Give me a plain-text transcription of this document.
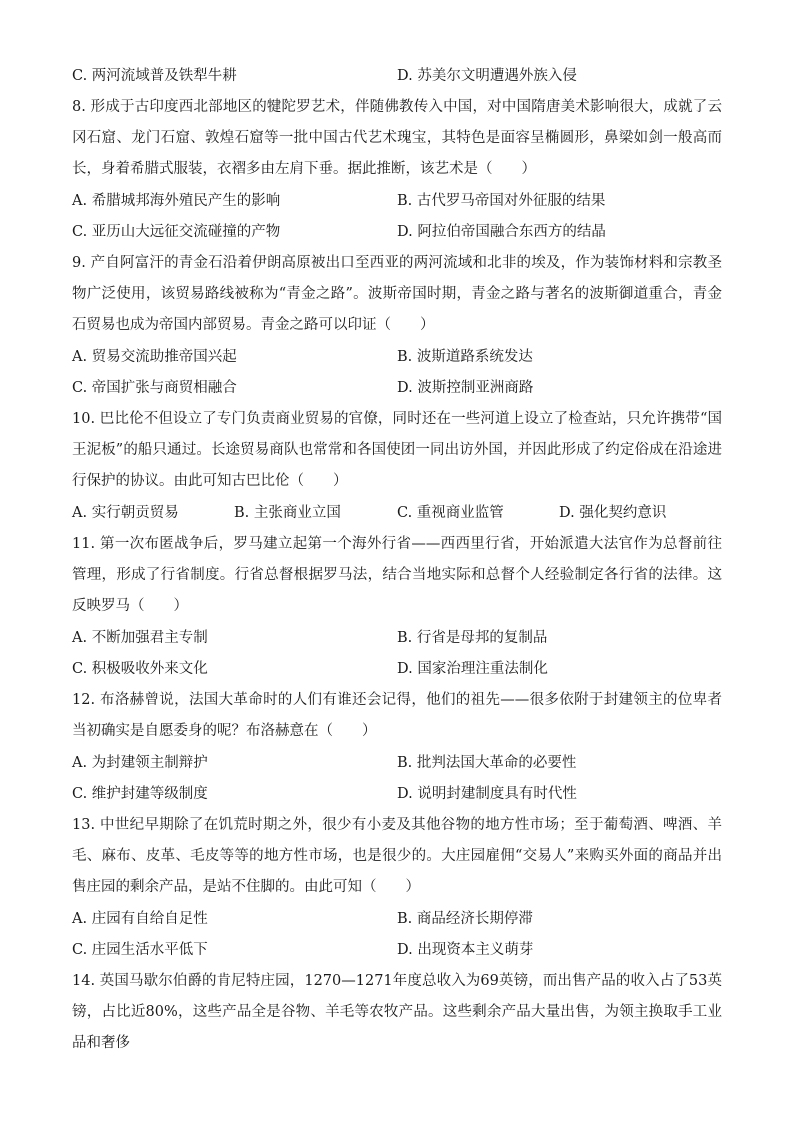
C. 两河流域普及铁犁牛耕	D. 苏美尔文明遭遇外族入侵

8. 形成于古印度西北部地区的犍陀罗艺术，伴随佛教传入中国，对中国隋唐美术影响很大，成就了云冈石窟、龙门石窟、敦煌石窟等一批中国古代艺术瑰宝，其特色是面容呈椭圆形，鼻梁如剑一般高而长，身着希腊式服装，衣褶多由左肩下垂。据此推断，该艺术是（　　）

A. 希腊城邦海外殖民产生的影响	B. 古代罗马帝国对外征服的结果
C. 亚历山大远征交流碰撞的产物	D. 阿拉伯帝国融合东西方的结晶

9. 产自阿富汗的青金石沿着伊朗高原被出口至西亚的两河流域和北非的埃及，作为装饰材料和宗教圣物广泛使用，该贸易路线被称为“青金之路”。波斯帝国时期，青金之路与著名的波斯御道重合，青金石贸易也成为帝国内部贸易。青金之路可以印证（　　）

A. 贸易交流助推帝国兴起	B. 波斯道路系统发达
C. 帝国扩张与商贸相融合	D. 波斯控制亚洲商路

10. 巴比伦不但设立了专门负责商业贸易的官僚，同时还在一些河道上设立了检查站，只允许携带“国王泥板”的船只通过。长途贸易商队也常常和各国使团一同出访外国，并因此形成了约定俗成在沿途进行保护的协议。由此可知古巴比伦（　　）

A. 实行朝贡贸易	B. 主张商业立国	C. 重视商业监管	D. 强化契约意识

11. 第一次布匿战争后，罗马建立起第一个海外行省——西西里行省，开始派遣大法官作为总督前往管理，形成了行省制度。行省总督根据罗马法，结合当地实际和总督个人经验制定各行省的法律。这反映罗马（　　）

A. 不断加强君主专制	B. 行省是母邦的复制品
C. 积极吸收外来文化	D. 国家治理注重法制化

12. 布洛赫曾说，法国大革命时的人们有谁还会记得，他们的祖先——很多依附于封建领主的位卑者当初确实是自愿委身的呢？布洛赫意在（　　）

A. 为封建领主制辩护	B. 批判法国大革命的必要性
C. 维护封建等级制度	D. 说明封建制度具有时代性

13. 中世纪早期除了在饥荒时期之外，很少有小麦及其他谷物的地方性市场；至于葡萄酒、啤酒、羊毛、麻布、皮革、毛皮等等的地方性市场，也是很少的。大庄园雇佣“交易人”来购买外面的商品并出售庄园的剩余产品，是站不住脚的。由此可知（　　）

A. 庄园有自给自足性	B. 商品经济长期停滞
C. 庄园生活水平低下	D. 出现资本主义萌芽

14. 英国马歇尔伯爵的肯尼特庄园，1270—1271年度总收入为69英镑，而出售产品的收入占了53英镑，占比近80%，这些产品全是谷物、羊毛等农牧产品。这些剩余产品大量出售，为领主换取手工业品和奢侈
